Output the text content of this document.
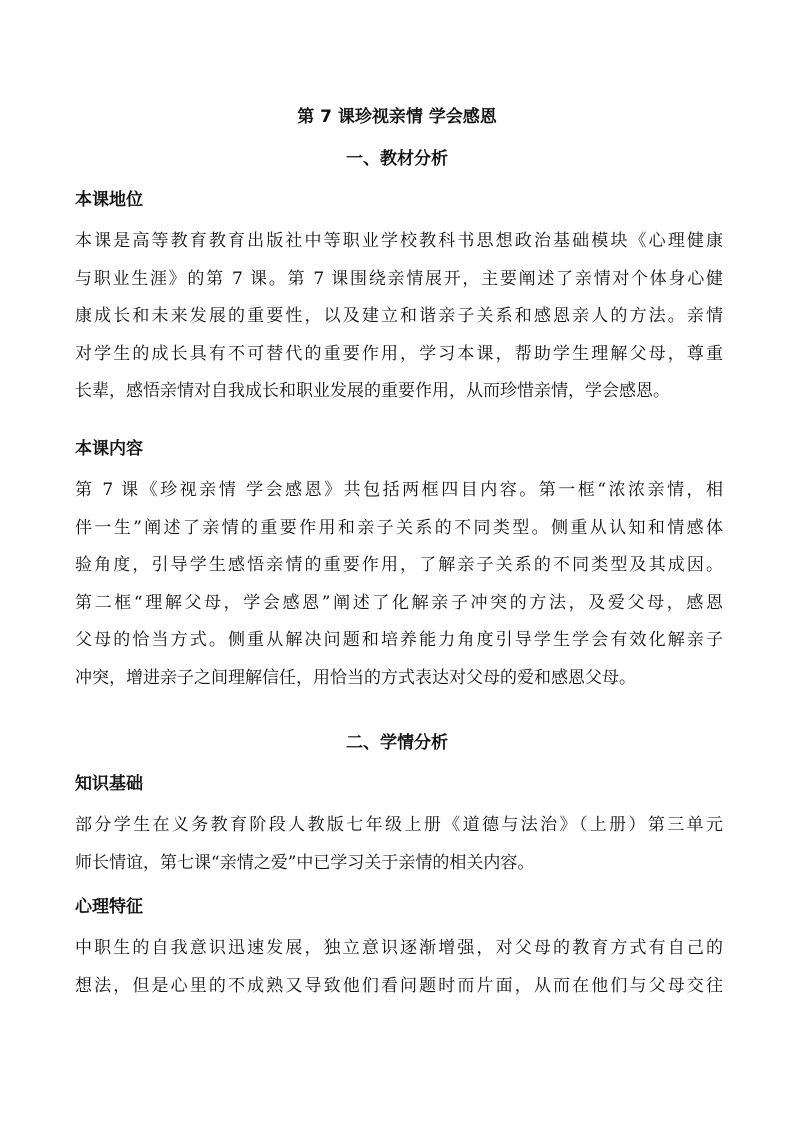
第 7 课珍视亲情 学会感恩
一、教材分析
本课地位
本课是高等教育教育出版社中等职业学校教科书思想政治基础模块《心理健康
与职业生涯》的第 7 课。第 7 课围绕亲情展开，主要阐述了亲情对个体身心健
康成长和未来发展的重要性，以及建立和谐亲子关系和感恩亲人的方法。亲情
对学生的成长具有不可替代的重要作用，学习本课，帮助学生理解父母，尊重
长辈，感悟亲情对自我成长和职业发展的重要作用，从而珍惜亲情，学会感恩。
本课内容
第 7 课《珍视亲情 学会感恩》共包括两框四目内容。第一框“浓浓亲情，相
伴一生”阐述了亲情的重要作用和亲子关系的不同类型。侧重从认知和情感体
验角度，引导学生感悟亲情的重要作用，了解亲子关系的不同类型及其成因。
第二框“理解父母，学会感恩”阐述了化解亲子冲突的方法，及爱父母，感恩
父母的恰当方式。侧重从解决问题和培养能力角度引导学生学会有效化解亲子
冲突，增进亲子之间理解信任，用恰当的方式表达对父母的爱和感恩父母。
二、学情分析
知识基础
部分学生在义务教育阶段人教版七年级上册《道德与法治》（上册）第三单元
师长情谊，第七课“亲情之爱”中已学习关于亲情的相关内容。
心理特征
中职生的自我意识迅速发展，独立意识逐渐增强，对父母的教育方式有自己的
想法，但是心里的不成熟又导致他们看问题时而片面，从而在他们与父母交往
